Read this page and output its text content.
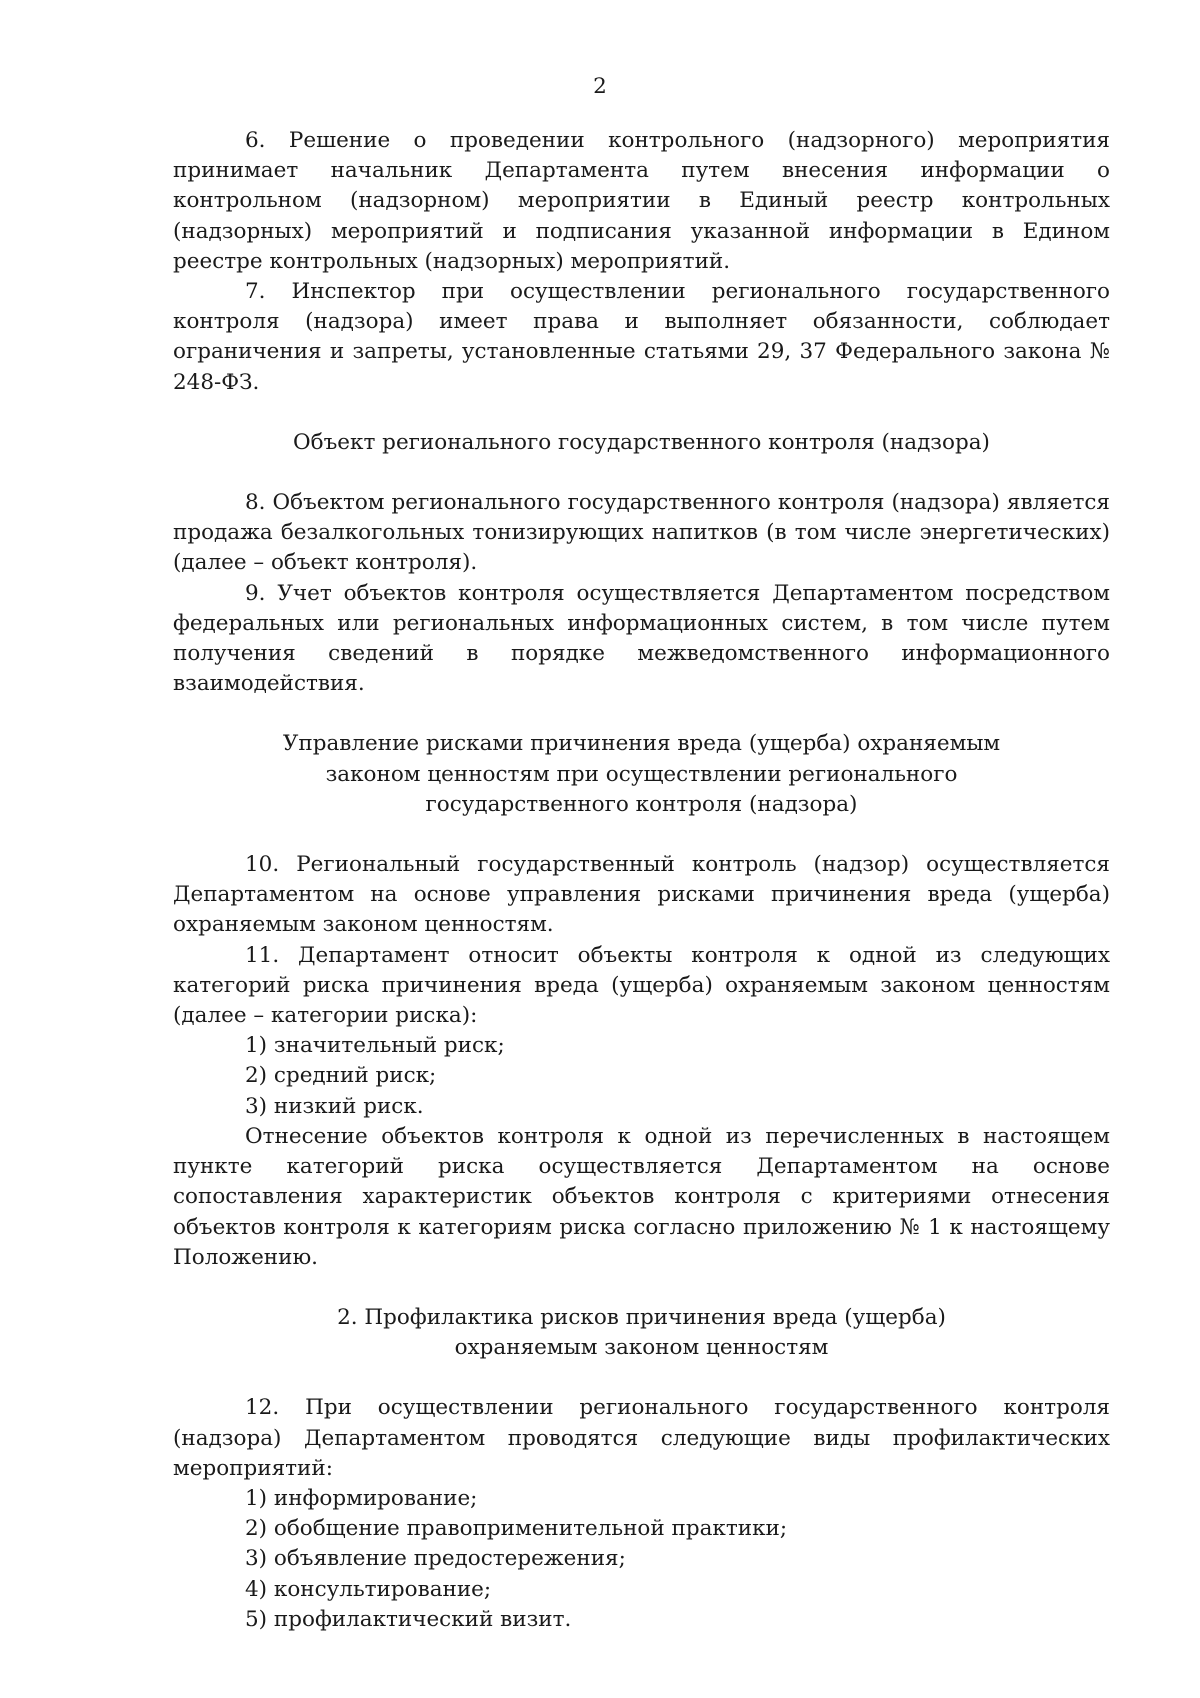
2

6. Решение о проведении контрольного (надзорного) мероприятия принимает начальник Департамента путем внесения информации о контрольном (надзорном) мероприятии в Единый реестр контрольных (надзорных) мероприятий и подписания указанной информации в Едином реестре контрольных (надзорных) мероприятий.

7. Инспектор при осуществлении регионального государственного контроля (надзора) имеет права и выполняет обязанности, соблюдает ограничения и запреты, установленные статьями 29, 37 Федерального закона № 248-ФЗ.

Объект регионального государственного контроля (надзора)

8. Объектом регионального государственного контроля (надзора) является продажа безалкогольных тонизирующих напитков (в том числе энергетических) (далее – объект контроля).

9. Учет объектов контроля осуществляется Департаментом посредством федеральных или региональных информационных систем, в том числе путем получения сведений в порядке межведомственного информационного взаимодействия.

Управление рисками причинения вреда (ущерба) охраняемым
законом ценностям при осуществлении регионального
государственного контроля (надзора)

10. Региональный государственный контроль (надзор) осуществляется Департаментом на основе управления рисками причинения вреда (ущерба) охраняемым законом ценностям.

11. Департамент относит объекты контроля к одной из следующих категорий риска причинения вреда (ущерба) охраняемым законом ценностям (далее – категории риска):

1) значительный риск;

2) средний риск;

3) низкий риск.

Отнесение объектов контроля к одной из перечисленных в настоящем пункте категорий риска осуществляется Департаментом на основе сопоставления характеристик объектов контроля с критериями отнесения объектов контроля к категориям риска согласно приложению № 1 к настоящему Положению.

2. Профилактика рисков причинения вреда (ущерба)
охраняемым законом ценностям

12. При осуществлении регионального государственного контроля (надзора) Департаментом проводятся следующие виды профилактических мероприятий:

1) информирование;

2) обобщение правоприменительной практики;

3) объявление предостережения;

4) консультирование;

5) профилактический визит.
